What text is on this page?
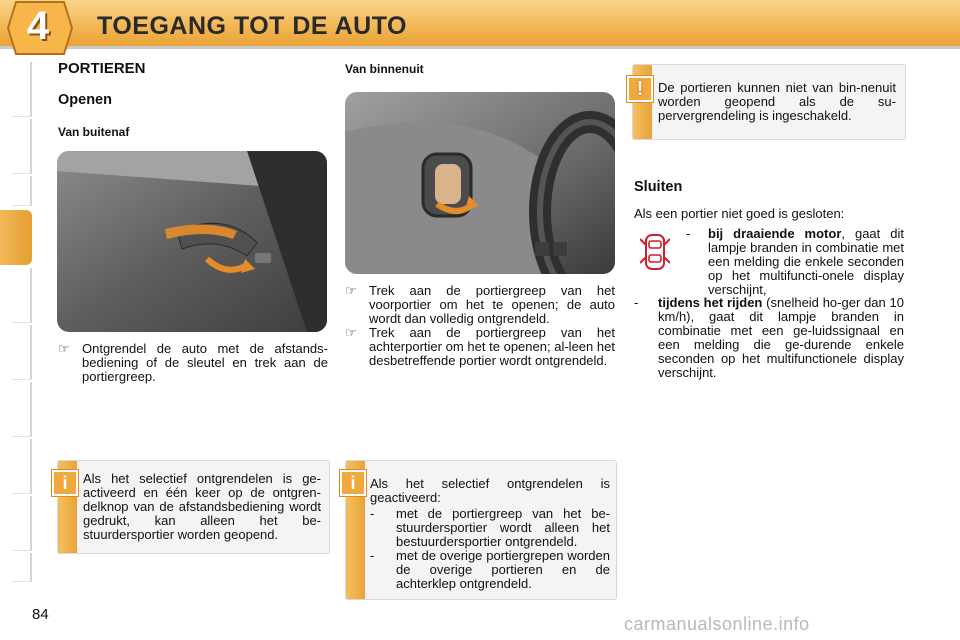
4 TOEGANG TOT DE AUTO
PORTIEREN
Openen
Van buitenaf
☞ Ontgrendel de auto met de afstands-bediening of de sleutel en trek aan de portiergreep.
i	Als het selectief ontgrendelen is ge-activeerd en één keer op de ontgren-delknop van de afstandsbediening wordt gedrukt, kan alleen het be-stuurdersportier worden geopend.
Van binnenuit
☞ Trek aan de portiergreep van het voorportier om het te openen; de auto wordt dan volledig ontgrendeld.
☞ Trek aan de portiergreep van het achterportier om het te openen; al-leen het desbetreffende portier wordt ontgrendeld.
i	Als het selectief ontgrendelen is geactiveerd:
- met de portiergreep van het be-stuurdersportier wordt alleen het bestuurdersportier ontgrendeld.
- met de overige portiergrepen worden de overige portieren en de achterklep ontgrendeld.
!	De portieren kunnen niet van bin-nenuit worden geopend als de su-pervergrendeling is ingeschakeld.
Sluiten
Als een portier niet goed is gesloten:
- bij draaiende motor, gaat dit lampje branden in combinatie met een melding die enkele seconden op het multifuncti-onele display verschijnt,
- tijdens het rijden (snelheid ho-ger dan 10 km/h), gaat dit lampje branden in combinatie met een ge-luidssignaal en een melding die ge-durende enkele seconden op het multifunctionele display verschijnt.
84	carmanualsonline.info
